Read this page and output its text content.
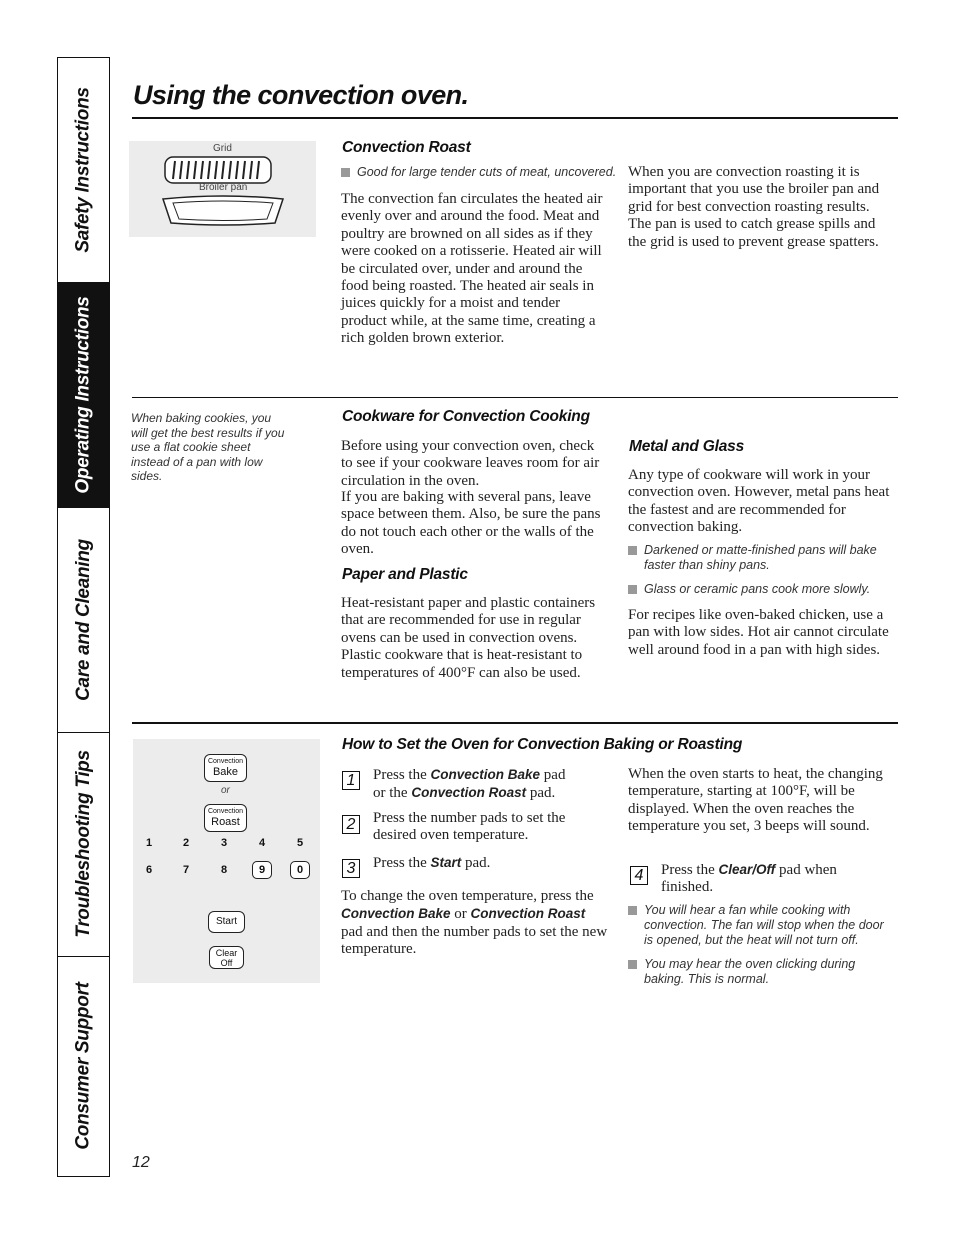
Safety Instructions
Operating Instructions
Care and Cleaning
Troubleshooting Tips
Consumer Support
Using the convection oven.
Grid
Broiler pan
Convection Roast
Good for large tender cuts of meat, uncovered.
The convection fan circulates the heated air evenly over and around the food. Meat and poultry are browned on all sides as if they were cooked on a rotisserie. Heated air will be circulated over, under and around the food being roasted. The heated air seals in juices quickly for a moist and tender product while, at the same time, creating a rich golden brown exterior.
When you are convection roasting it is important that you use the broiler pan and grid for best convection roasting results. The pan is used to catch grease spills and the grid is used to prevent grease spatters.
When baking cookies, you will get the best results if you use a flat cookie sheet instead of a pan with low sides.
Cookware for Convection Cooking
Before using your convection oven, check to see if your cookware leaves room for air circulation in the oven.
If you are baking with several pans, leave space between them. Also, be sure the pans do not touch each other or the walls of the oven.
Paper and Plastic
Heat-resistant paper and plastic containers that are recommended for use in regular ovens can be used in convection ovens. Plastic cookware that is heat-resistant to temperatures of 400°F can also be used.
Metal and Glass
Any type of cookware will work in your convection oven. However, metal pans heat the fastest and are recommended for convection baking.
Darkened or matte-finished pans will bake faster than shiny pans.
Glass or ceramic pans cook more slowly.
For recipes like oven-baked chicken, use a pan with low sides. Hot air cannot circulate well around food in a pan with high sides.
Convection
Bake
or
Convection
Roast
1	2	3	4	5
6	7	8	9	0
Start
Clear
Off
How to Set the Oven for Convection Baking or Roasting
1	Press the Convection Bake pad
or the Convection Roast pad.
2	Press the number pads to set the desired oven temperature.
3	Press the Start pad.
To change the oven temperature, press the Convection Bake or Convection Roast pad and then the number pads to set the new temperature.
When the oven starts to heat, the changing temperature, starting at 100°F, will be displayed. When the oven reaches the temperature you set, 3 beeps will sound.
4	Press the Clear/Off pad when finished.
You will hear a fan while cooking with convection. The fan will stop when the door is opened, but the heat will not turn off.
You may hear the oven clicking during baking. This is normal.
12
